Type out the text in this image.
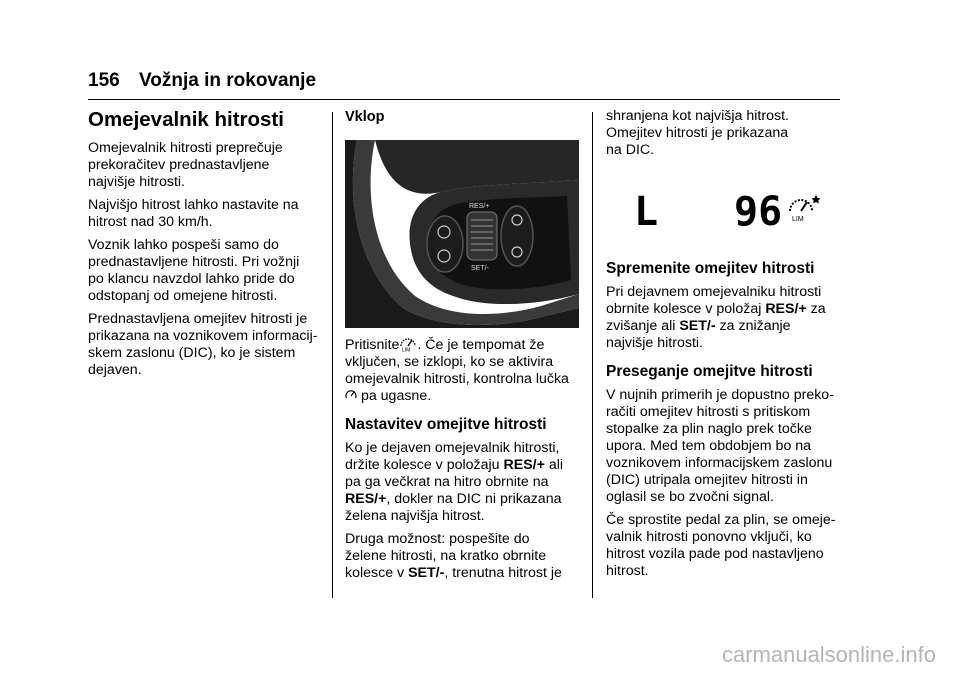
156 Vožnja in rokovanje
Omejevalnik hitrosti

Omejevalnik hitrosti preprečuje
prekoračitev prednastavljene
najvišje hitrosti.

Najvišjo hitrost lahko nastavite na
hitrost nad 30 km/h.

Voznik lahko pospeši samo do
prednastavljene hitrosti. Pri vožnji
po klancu navzdol lahko pride do
odstopanj od omejene hitrosti.

Prednastavljena omejitev hitrosti je
prikazana na voznikovem informacij-
skem zaslonu (DIC), ko je sistem
dejaven.

Vklop
RES/+
SET/-

Pritisnite LIM . Če je tempomat že
vključen, se izklopi, ko se aktivira
omejevalnik hitrosti, kontrolna lučka
pa ugasne.

Nastavitev omejitve hitrosti

Ko je dejaven omejevalnik hitrosti,
držite kolesce v položaju RES/+ ali
pa ga večkrat na hitro obrnite na
RES/+, dokler na DIC ni prikazana
želena najvišja hitrost.

Druga možnost: pospešite do
želene hitrosti, na kratko obrnite
kolesce v SET/-, trenutna hitrost je

shranjena kot najvišja hitrost.
Omejitev hitrosti je prikazana
na DIC.

L 96 LIM
Spremenite omejitev hitrosti

Pri dejavnem omejevalniku hitrosti
obrnite kolesce v položaj RES/+ za
zvišanje ali SET/- za znižanje
najvišje hitrosti.

Preseganje omejitve hitrosti

V nujnih primerih je dopustno preko-
račiti omejitev hitrosti s pritiskom
stopalke za plin naglo prek točke
upora. Med tem obdobjem bo na
voznikovem informacijskem zaslonu
(DIC) utripala omejitev hitrosti in
oglasil se bo zvočni signal.

Če sprostite pedal za plin, se omeje-
valnik hitrosti ponovno vključi, ko
hitrost vozila pade pod nastavljeno
hitrost.

carmanualsonline.info
